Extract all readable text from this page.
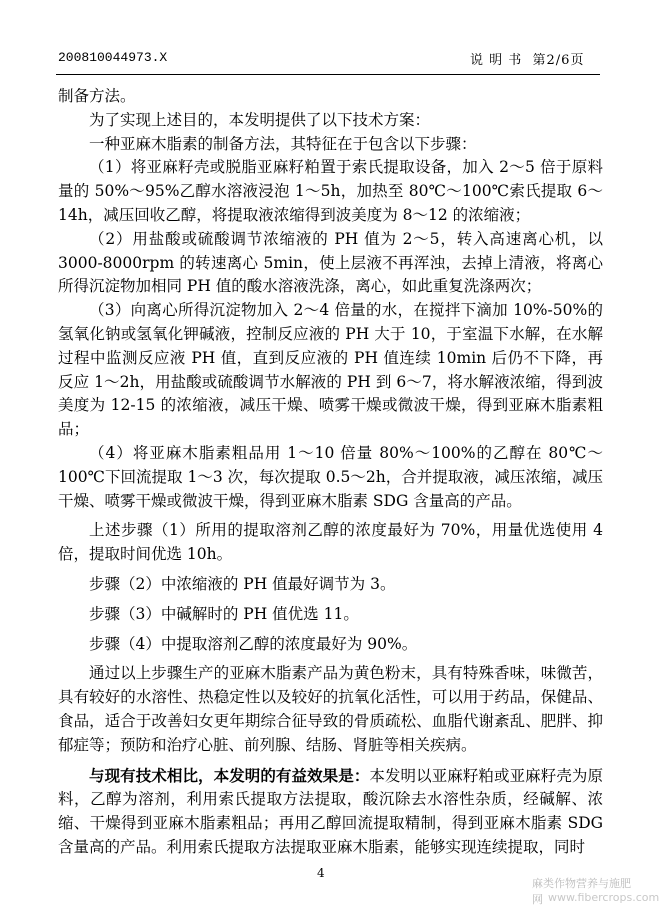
200810044973.X	说 明 书 第2/6页

制备方法。

为了实现上述目的，本发明提供了以下技术方案：

一种亚麻木脂素的制备方法，其特征在于包含以下步骤：

（1）将亚麻籽壳或脱脂亚麻籽粕置于索氏提取设备，加入 2～5 倍于原料量的 50%～95%乙醇水溶液浸泡 1～5h，加热至 80℃～100℃索氏提取 6～14h，减压回收乙醇，将提取液浓缩得到波美度为 8～12 的浓缩液；

（2）用盐酸或硫酸调节浓缩液的 PH 值为 2～5，转入高速离心机，以 3000-8000rpm 的转速离心 5min，使上层液不再浑浊，去掉上清液，将离心所得沉淀物加相同 PH 值的酸水溶液洗涤，离心，如此重复洗涤两次；

（3）向离心所得沉淀物加入 2～4 倍量的水，在搅拌下滴加 10%-50%的氢氧化钠或氢氧化钾碱液，控制反应液的 PH 大于 10，于室温下水解，在水解过程中监测反应液 PH 值，直到反应液的 PH 值连续 10min 后仍不下降，再反应 1～2h，用盐酸或硫酸调节水解液的 PH 到 6～7，将水解液浓缩，得到波美度为 12-15 的浓缩液，减压干燥、喷雾干燥或微波干燥，得到亚麻木脂素粗品；

（4）将亚麻木脂素粗品用 1～10 倍量 80%～100%的乙醇在 80℃～100℃下回流提取 1～3 次，每次提取 0.5～2h，合并提取液，减压浓缩，减压干燥、喷雾干燥或微波干燥，得到亚麻木脂素 SDG 含量高的产品。

上述步骤（1）所用的提取溶剂乙醇的浓度最好为 70%，用量优选使用 4 倍，提取时间优选 10h。

步骤（2）中浓缩液的 PH 值最好调节为 3。

步骤（3）中碱解时的 PH 值优选 11。

步骤（4）中提取溶剂乙醇的浓度最好为 90%。

通过以上步骤生产的亚麻木脂素产品为黄色粉末，具有特殊香味，味微苦，具有较好的水溶性、热稳定性以及较好的抗氧化活性，可以用于药品，保健品、食品，适合于改善妇女更年期综合征导致的骨质疏松、血脂代谢紊乱、肥胖、抑郁症等；预防和治疗心脏、前列腺、结肠、肾脏等相关疾病。

与现有技术相比，本发明的有益效果是：本发明以亚麻籽粕或亚麻籽壳为原料，乙醇为溶剂，利用索氏提取方法提取，酸沉除去水溶性杂质，经碱解、浓缩、干燥得到亚麻木脂素粗品；再用乙醇回流提取精制，得到亚麻木脂素 SDG 含量高的产品。利用索氏提取方法提取亚麻木脂素，能够实现连续提取，同时

4
麻类作物营养与施肥网 www.fibercrops.com
